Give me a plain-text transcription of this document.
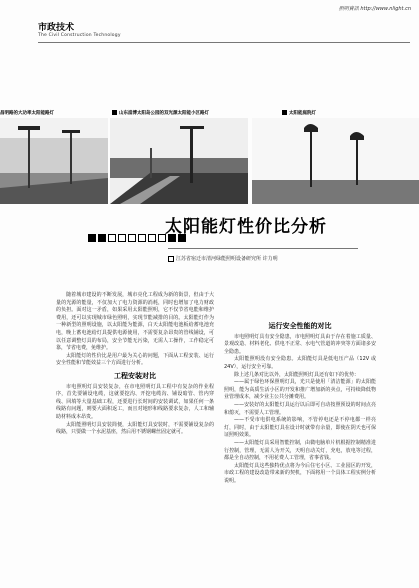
照明資訊 http://www.nlight.cn
市政技术
The Civil Construction Technology
昌明路的大功率太阳能路灯	山东淄博太阳岛公园的双光源太阳能小区路灯	太阳能庭院灯
太阳能灯性价比分析
江苏省宿迁市清河绿能照明设备研究所 许力明

随着城市建设的不断发展，城市亮化工程成为新的街景，但由于大量的光源的能量，不仅加大了电力资源的消耗，同时也增加了电力财政的负担。面对这一矛盾，如果采用太阳能照明，它不仅节省电能和维护费用，还可以实现城市绿色照明，实现节能减排的目的。太阳能灯作为一种新型的照明设施，以太阳能为能源，白天太阳能电池板给蓄电池充电，晚上蓄电池给灯具提供电源使用，不需要复杂昂贵的管线铺设，可以任意调整灯具的布局，安全节能无污染，无需人工操作，工作稳定可靠，节省电费，免维护。

太阳能灯的性价比是用户最为关心的问题，下面从工程安装、运行安全性能和节能效益三个方面进行分析。

工程安装对比

市电照明灯具安装复杂，在市电照明灯具工程中有复杂的作业程序，首先要铺设电缆，这就要挖沟、开挖电缆沟、铺设暗管、管内穿线、回填等大量基础工程，还要进行长时间的安装调试，如果任何一条线路有问题，则要大面积返工，而且对地形和线路要求复杂，人工和辅助材料成本昂贵。

太阳能照明灯具安装简便，太阳能灯具安装时，不需要铺设复杂的线路，只要做一个水泥基座，然后用不锈钢螺丝固定就可。

运行安全性能的对比

市电照明灯具有安全隐患，市电照明灯具由于存在着施工质量、景观改造、材料老化、供电不正常、水电气管道的冲突等方面诸多安全隐患。

太阳能照明没有安全隐患。太阳能灯具是低电压产品（12V 或 24V），运行安全可靠。

除上述几条对比以外，太阳能照明灯具还有如下的优势：

——属于绿色环保照明灯具，光只是使用「清洁能源」的太阳能照明，能为高质生活小区的开发和推广增加新的卖点，可持续降低物业管理成本，减少业主公共分摊费用。

——安装好的太阳能灯具运行以后即可自动按照预设的时间点亮和熄灭，不需要人工管理。

——不受市电供电系统的影响，不管停电还是不停电都一样亮灯，同时，由于太阳能灯具在设计时就带有余量，即使在阴天也可保证照明效果。

——太阳能灯具采用智能控制，由微电脑单片机根据控制精准进行控制，管理，无需人为开关，天明自动关灯，充电，放电等过程，都是全自动控制，不用花费人工管理，省事省钱。

太阳能灯具这些独特优点将为今后住宅小区、工业园区的开发，市政工程的建设改造带来新的契机，下面将用一个具体工程实例分析说明。
